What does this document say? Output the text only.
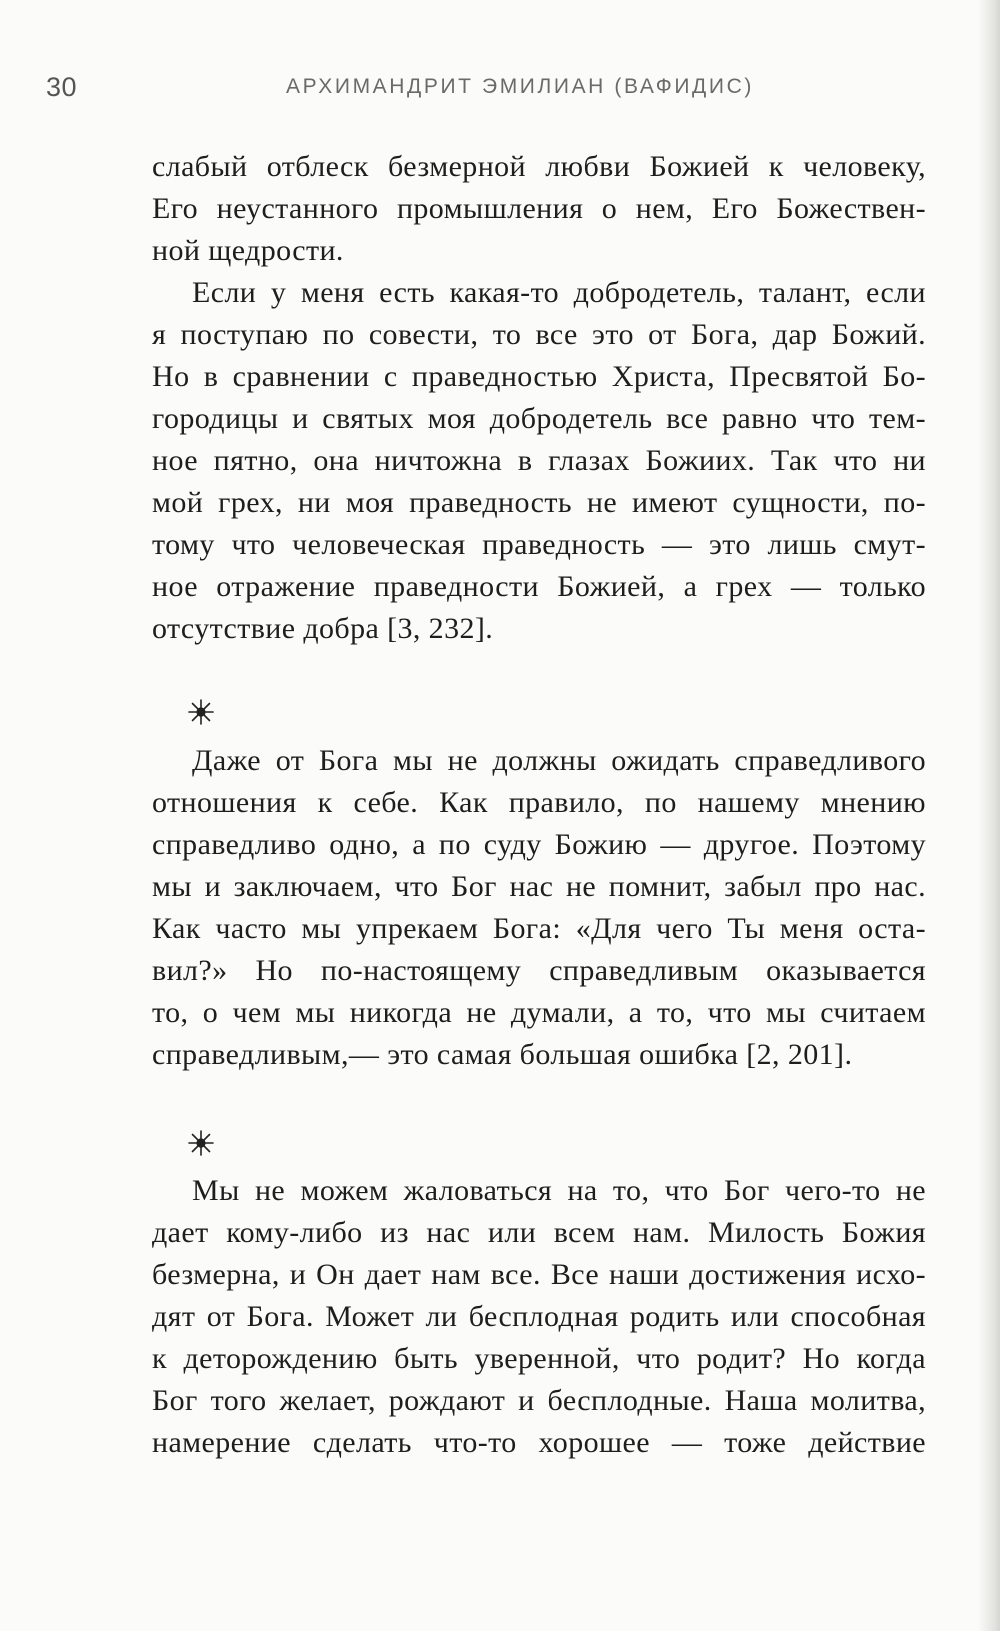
30	АРХИМАНДРИТ ЭМИЛИАН (ВАФИДИС)
слабый отблеск безмерной любви Божией к человеку,
Его неустанного промышления о нем, Его Божествен-
ной щедрости.
Если у меня есть какая-то добродетель, талант, если
я поступаю по совести, то все это от Бога, дар Божий.
Но в сравнении с праведностью Христа, Пресвятой Бо-
городицы и святых моя добродетель все равно что тем-
ное пятно, она ничтожна в глазах Божиих. Так что ни
мой грех, ни моя праведность не имеют сущности, по-
тому что человеческая праведность — это лишь смут-
ное отражение праведности Божией, а грех — только
отсутствие добра [3, 232].
Даже от Бога мы не должны ожидать справедливого
отношения к себе. Как правило, по нашему мнению
справедливо одно, а по суду Божию — другое. Поэтому
мы и заключаем, что Бог нас не помнит, забыл про нас.
Как часто мы упрекаем Бога: «Для чего Ты меня оста-
вил?» Но по-настоящему справедливым оказывается
то, о чем мы никогда не думали, а то, что мы считаем
справедливым,— это самая большая ошибка [2, 201].
Мы не можем жаловаться на то, что Бог чего-то не
дает кому-либо из нас или всем нам. Милость Божия
безмерна, и Он дает нам все. Все наши достижения исхо-
дят от Бога. Может ли бесплодная родить или способная
к деторождению быть уверенной, что родит? Но когда
Бог того желает, рождают и бесплодные. Наша молитва,
намерение сделать что-то хорошее — тоже действие
